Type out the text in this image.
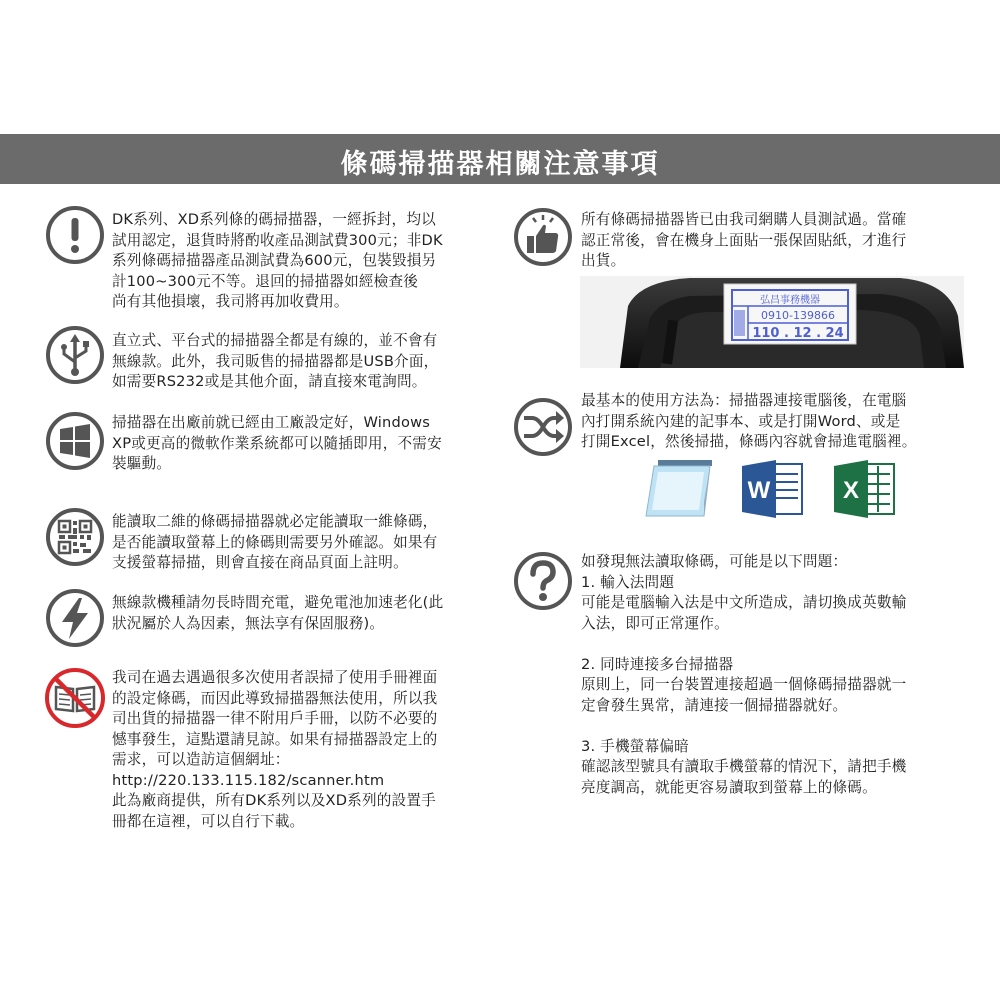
條碼掃描器相關注意事項
DK系列、XD系列條的碼掃描器，一經拆封，均以
試用認定，退貨時將酌收產品測試費300元；非DK
系列條碼掃描器產品測試費為600元，包裝毀損另
計100~300元不等。退回的掃描器如經檢查後
尚有其他損壞，我司將再加收費用。
直立式、平台式的掃描器全都是有線的，並不會有
無線款。此外，我司販售的掃描器都是USB介面，
如需要RS232或是其他介面，請直接來電詢問。
掃描器在出廠前就已經由工廠設定好，Windows
XP或更高的微軟作業系統都可以隨插即用，不需安
裝驅動。
能讀取二維的條碼掃描器就必定能讀取一維條碼，
是否能讀取螢幕上的條碼則需要另外確認。如果有
支援螢幕掃描，則會直接在商品頁面上註明。
無線款機種請勿長時間充電，避免電池加速老化(此
狀況屬於人為因素，無法享有保固服務)。
我司在過去遇過很多次使用者誤掃了使用手冊裡面
的設定條碼，而因此導致掃描器無法使用，所以我
司出貨的掃描器一律不附用戶手冊，以防不必要的
憾事發生，這點還請見諒。如果有掃描器設定上的
需求，可以造訪這個網址：
http://220.133.115.182/scanner.htm
此為廠商提供，所有DK系列以及XD系列的設置手
冊都在這裡，可以自行下載。
所有條碼掃描器皆已由我司網購人員測試過。當確
認正常後，會在機身上面貼一張保固貼紙，才進行
出貨。
弘昌事務機器
0910-139866
110 . 12 . 24
最基本的使用方法為：掃描器連接電腦後，在電腦
內打開系統內建的記事本、或是打開Word、或是
打開Excel，然後掃描，條碼內容就會掃進電腦裡。
W	X
如發現無法讀取條碼，可能是以下問題：
1. 輸入法問題
可能是電腦輸入法是中文所造成，請切換成英數輸
入法，即可正常運作。
2. 同時連接多台掃描器
原則上，同一台裝置連接超過一個條碼掃描器就一
定會發生異常，請連接一個掃描器就好。
3. 手機螢幕偏暗
確認該型號具有讀取手機螢幕的情況下，請把手機
亮度調高，就能更容易讀取到螢幕上的條碼。
